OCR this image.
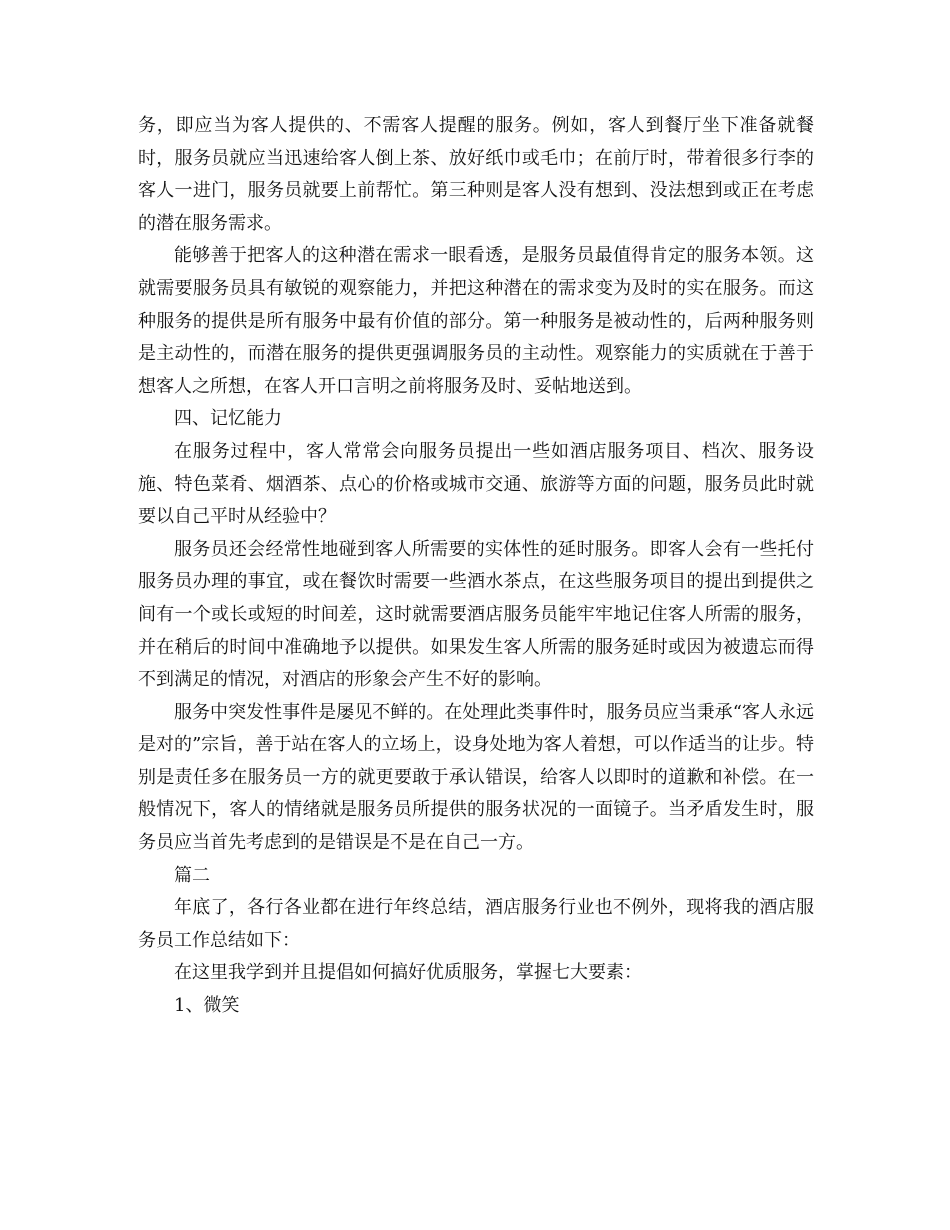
务，即应当为客人提供的、不需客人提醒的服务。例如，客人到餐厅坐下准备就餐时，服务员就应当迅速给客人倒上茶、放好纸巾或毛巾；在前厅时，带着很多行李的客人一进门，服务员就要上前帮忙。第三种则是客人没有想到、没法想到或正在考虑的潜在服务需求。

能够善于把客人的这种潜在需求一眼看透，是服务员最值得肯定的服务本领。这就需要服务员具有敏锐的观察能力，并把这种潜在的需求变为及时的实在服务。而这种服务的提供是所有服务中最有价值的部分。第一种服务是被动性的，后两种服务则是主动性的，而潜在服务的提供更强调服务员的主动性。观察能力的实质就在于善于想客人之所想，在客人开口言明之前将服务及时、妥帖地送到。

四、记忆能力

在服务过程中，客人常常会向服务员提出一些如酒店服务项目、档次、服务设施、特色菜肴、烟酒茶、点心的价格或城市交通、旅游等方面的问题，服务员此时就要以自己平时从经验中？

服务员还会经常性地碰到客人所需要的实体性的延时服务。即客人会有一些托付服务员办理的事宜，或在餐饮时需要一些酒水茶点，在这些服务项目的提出到提供之间有一个或长或短的时间差，这时就需要酒店服务员能牢牢地记住客人所需的服务，并在稍后的时间中准确地予以提供。如果发生客人所需的服务延时或因为被遗忘而得不到满足的情况，对酒店的形象会产生不好的影响。

服务中突发性事件是屡见不鲜的。在处理此类事件时，服务员应当秉承“客人永远是对的”宗旨，善于站在客人的立场上，设身处地为客人着想，可以作适当的让步。特别是责任多在服务员一方的就更要敢于承认错误，给客人以即时的道歉和补偿。在一般情况下，客人的情绪就是服务员所提供的服务状况的一面镜子。当矛盾发生时，服务员应当首先考虑到的是错误是不是在自己一方。

篇二

年底了，各行各业都在进行年终总结，酒店服务行业也不例外，现将我的酒店服务员工作总结如下：

在这里我学到并且提倡如何搞好优质服务，掌握七大要素：

1、微笑
